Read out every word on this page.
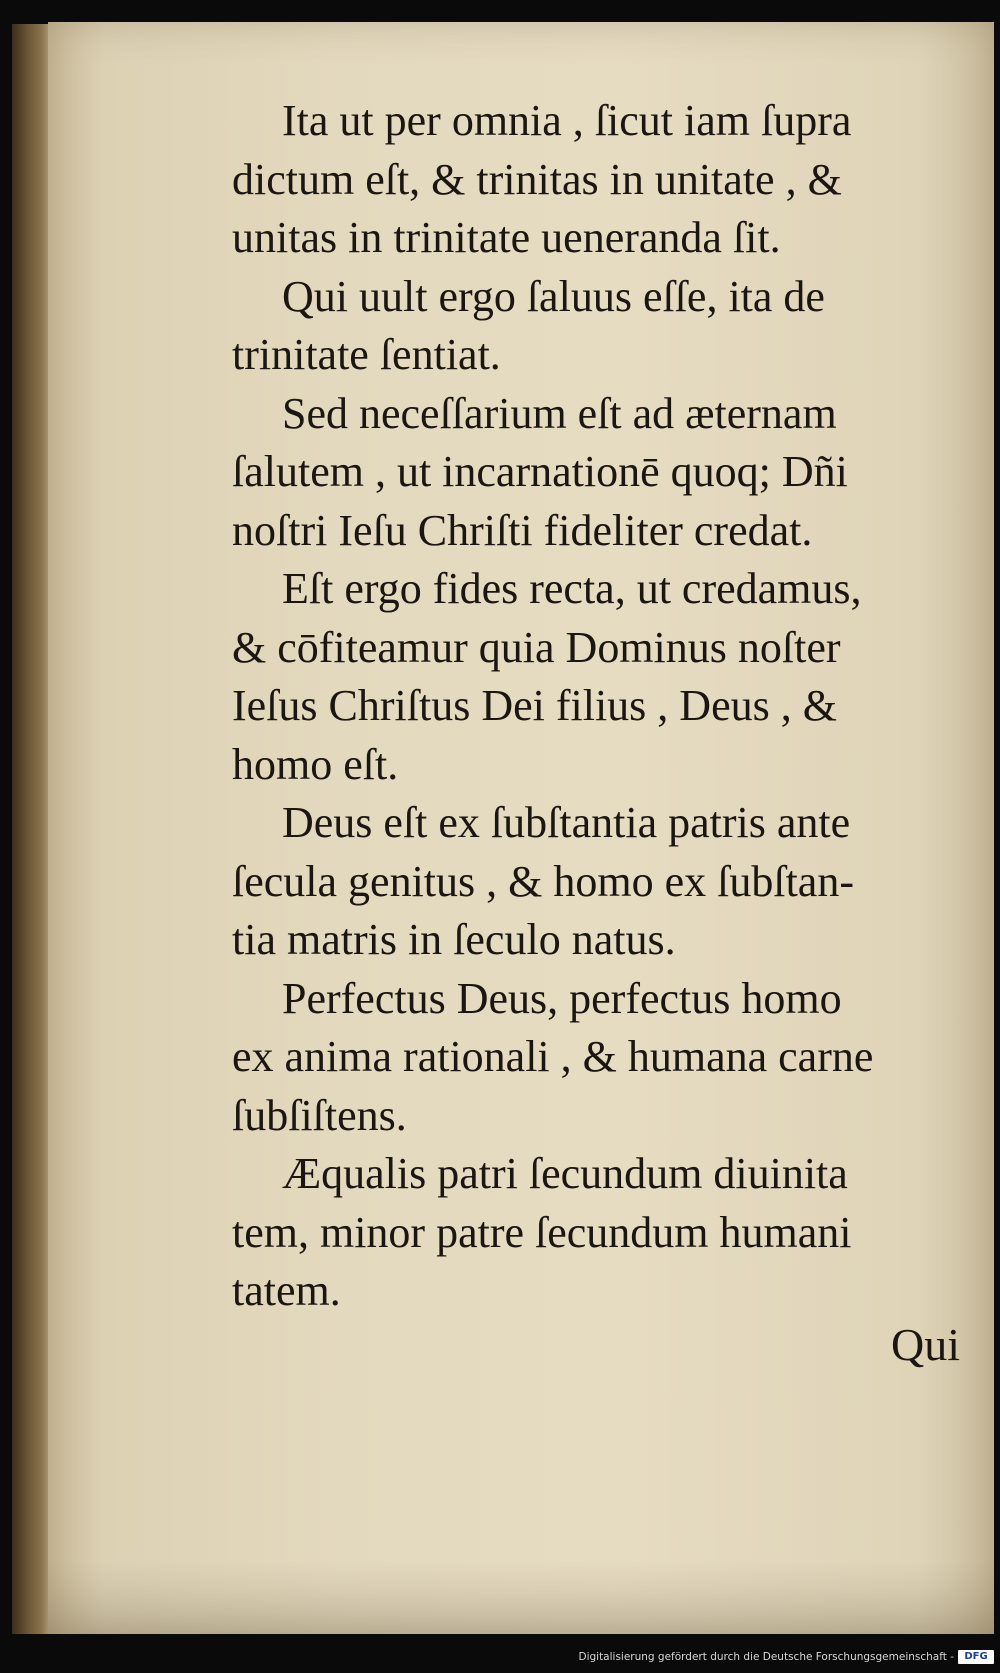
Ita ut per omnia , ſicut iam ſupra
dictum eſt, & trinitas in unitate , &
unitas in trinitate ueneranda ſit.
Qui uult ergo ſaluus eſſe, ita de
trinitate ſentiat.
Sed neceſſarium eſt ad æternam
ſalutem , ut incarnationē quoq; Dñi
noſtri Ieſu Chriſti fideliter credat.
Eſt ergo fides recta, ut credamus,
& cōfiteamur quia Dominus noſter
Ieſus Chriſtus Dei filius , Deus , &
homo eſt.
Deus eſt ex ſubſtantia patris ante
ſecula genitus , & homo ex ſubſtan-
tia matris in ſeculo natus.
Perfectus Deus, perfectus homo
ex anima rationali , & humana carne
ſubſiſtens.
Æqualis patri ſecundum diuinita
tem, minor patre ſecundum humani
tatem.
Qui
Digitalisierung gefördert durch die Deutsche Forschungsgemeinschaft -	DFG
